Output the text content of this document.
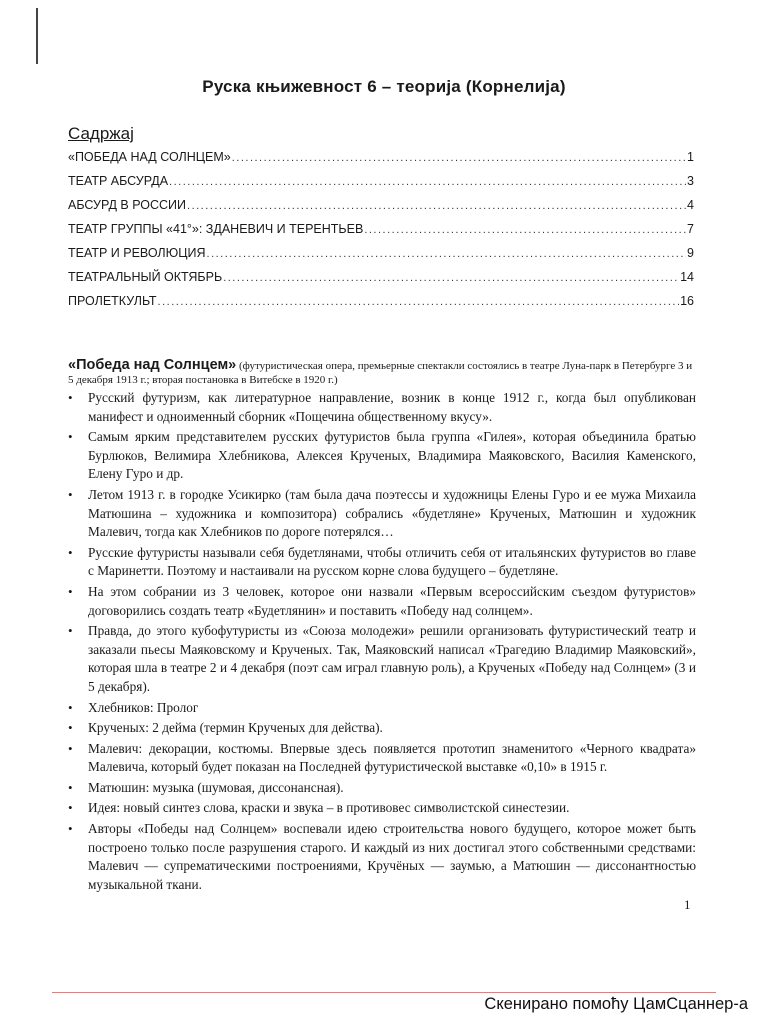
Руска књижевност 6 – теорија (Корнелија)
Садржај
«ПОБЕДА НАД СОЛНЦЕМ» .....	1
ТЕАТР АБСУРДА .....	3
АБСУРД В РОССИИ .....	4
ТЕАТР ГРУППЫ «41°»: ЗДАНЕВИЧ И ТЕРЕНТЬЕВ .....	7
ТЕАТР И РЕВОЛЮЦИЯ .....	9
ТЕАТРАЛЬНЫЙ ОКТЯБРЬ .....	14
ПРОЛЕТКУЛЬТ .....	16
«Победа над Солнцем» (футуристическая опера, премьерные спектакли состоялись в театре Луна-парк в Петербурге 3 и 5 декабря 1913 г.; вторая постановка в Витебске в 1920 г.)
• Русский футуризм, как литературное направление, возник в конце 1912 г., когда был опубликован манифест и одноименный сборник «Пощечина общественному вкусу».
• Самым ярким представителем русских футуристов была группа «Гилея», которая объединила братью Бурлюков, Велимира Хлебникова, Алексея Крученых, Владимира Маяковского, Василия Каменского, Елену Гуро и др.
• Летом 1913 г. в городке Усикирко (там была дача поэтессы и художницы Елены Гуро и ее мужа Михаила Матюшина – художника и композитора) собрались «будетляне» Крученых, Матюшин и художник Малевич, тогда как Хлебников по дороге потерялся…
• Русские футуристы называли себя будетлянами, чтобы отличить себя от итальянских футуристов во главе с Маринетти. Поэтому и настаивали на русском корне слова будущего – будетляне.
• На этом собрании из 3 человек, которое они назвали «Первым всероссийским съездом футуристов» договорились создать театр «Будетлянин» и поставить «Победу над солнцем».
• Правда, до этого кубофутуристы из «Союза молодежи» решили организовать футуристический театр и заказали пьесы Маяковскому и Крученых. Так, Маяковский написал «Трагедию Владимир Маяковский», которая шла в театре 2 и 4 декабря (поэт сам играл главную роль), а Крученых «Победу над Солнцем» (3 и 5 декабря).
• Хлебников: Пролог
• Крученых: 2 дейма (термин Крученых для действа).
• Малевич: декорации, костюмы. Впервые здесь появляется прототип знаменитого «Черного квадрата» Малевича, который будет показан на Последней футуристической выставке «0,10» в 1915 г.
• Матюшин: музыка (шумовая, диссонансная).
• Идея: новый синтез слова, краски и звука – в противовес символистской синестезии.
• Авторы «Победы над Солнцем» воспевали идею строительства нового будущего, которое может быть построено только после разрушения старого. И каждый из них достигал этого собственными средствами: Малевич — супрематическими построениями, Кручёных — заумью, а Матюшин — диссонантностью музыкальной ткани.
1
Скенирано помоћу ЦамСцаннер-а
